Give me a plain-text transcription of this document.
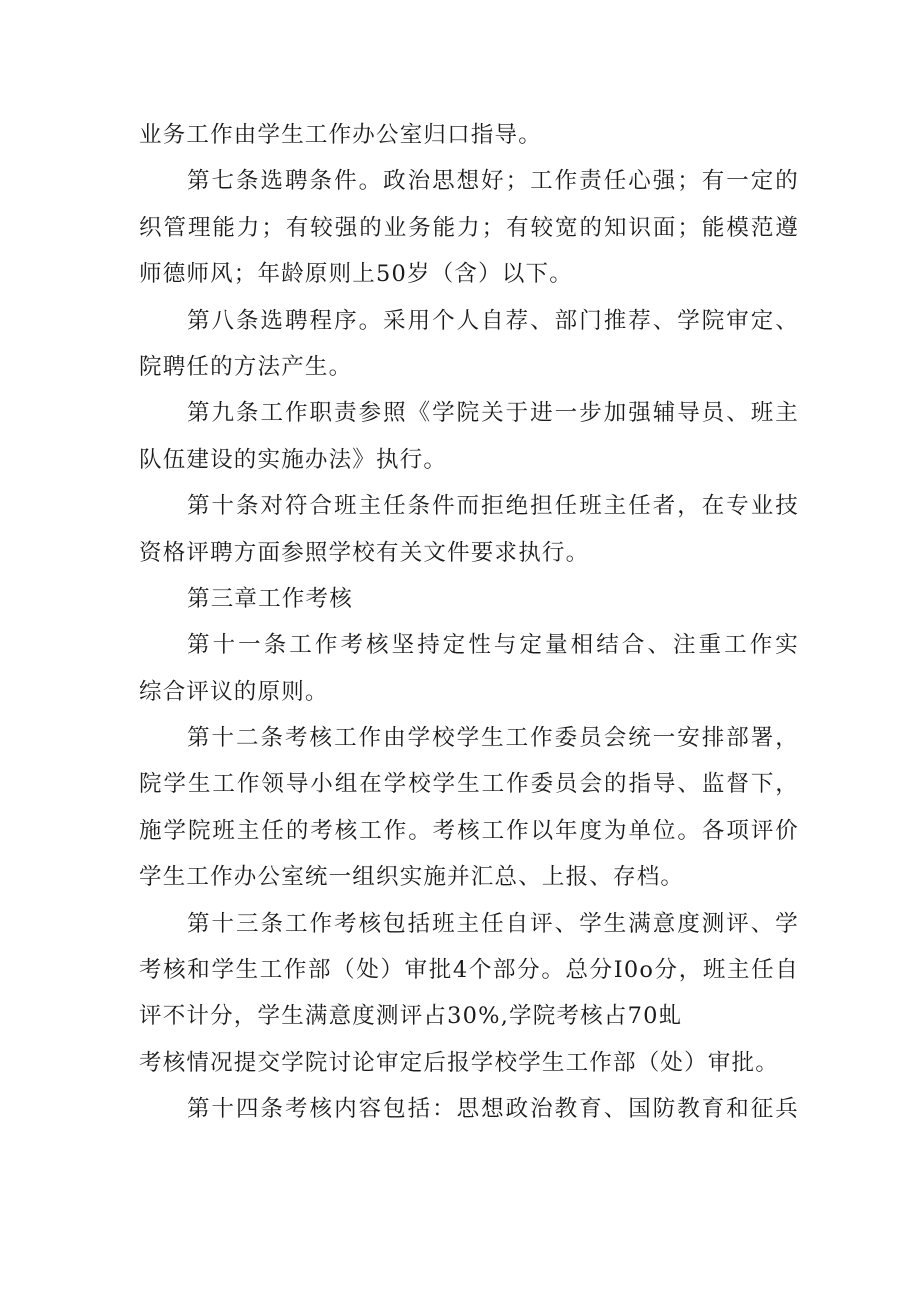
业务工作由学生工作办公室归口指导。
第七条选聘条件。政治思想好；工作责任心强；有一定的
织管理能力；有较强的业务能力；有较宽的知识面；能模范遵
师德师风；年龄原则上50岁（含）以下。
第八条选聘程序。采用个人自荐、部门推荐、学院审定、
院聘任的方法产生。
第九条工作职责参照《学院关于进一步加强辅导员、班主
队伍建设的实施办法》执行。
第十条对符合班主任条件而拒绝担任班主任者，在专业技
资格评聘方面参照学校有关文件要求执行。
第三章工作考核
第十一条工作考核坚持定性与定量相结合、注重工作实
综合评议的原则。
第十二条考核工作由学校学生工作委员会统一安排部署，
院学生工作领导小组在学校学生工作委员会的指导、监督下，
施学院班主任的考核工作。考核工作以年度为单位。各项评价
学生工作办公室统一组织实施并汇总、上报、存档。
第十三条工作考核包括班主任自评、学生满意度测评、学
考核和学生工作部（处）审批4个部分。总分I0o分，班主任自
评不计分，学生满意度测评占30%,学院考核占70虬
考核情况提交学院讨论审定后报学校学生工作部（处）审批。
第十四条考核内容包括：思想政治教育、国防教育和征兵
